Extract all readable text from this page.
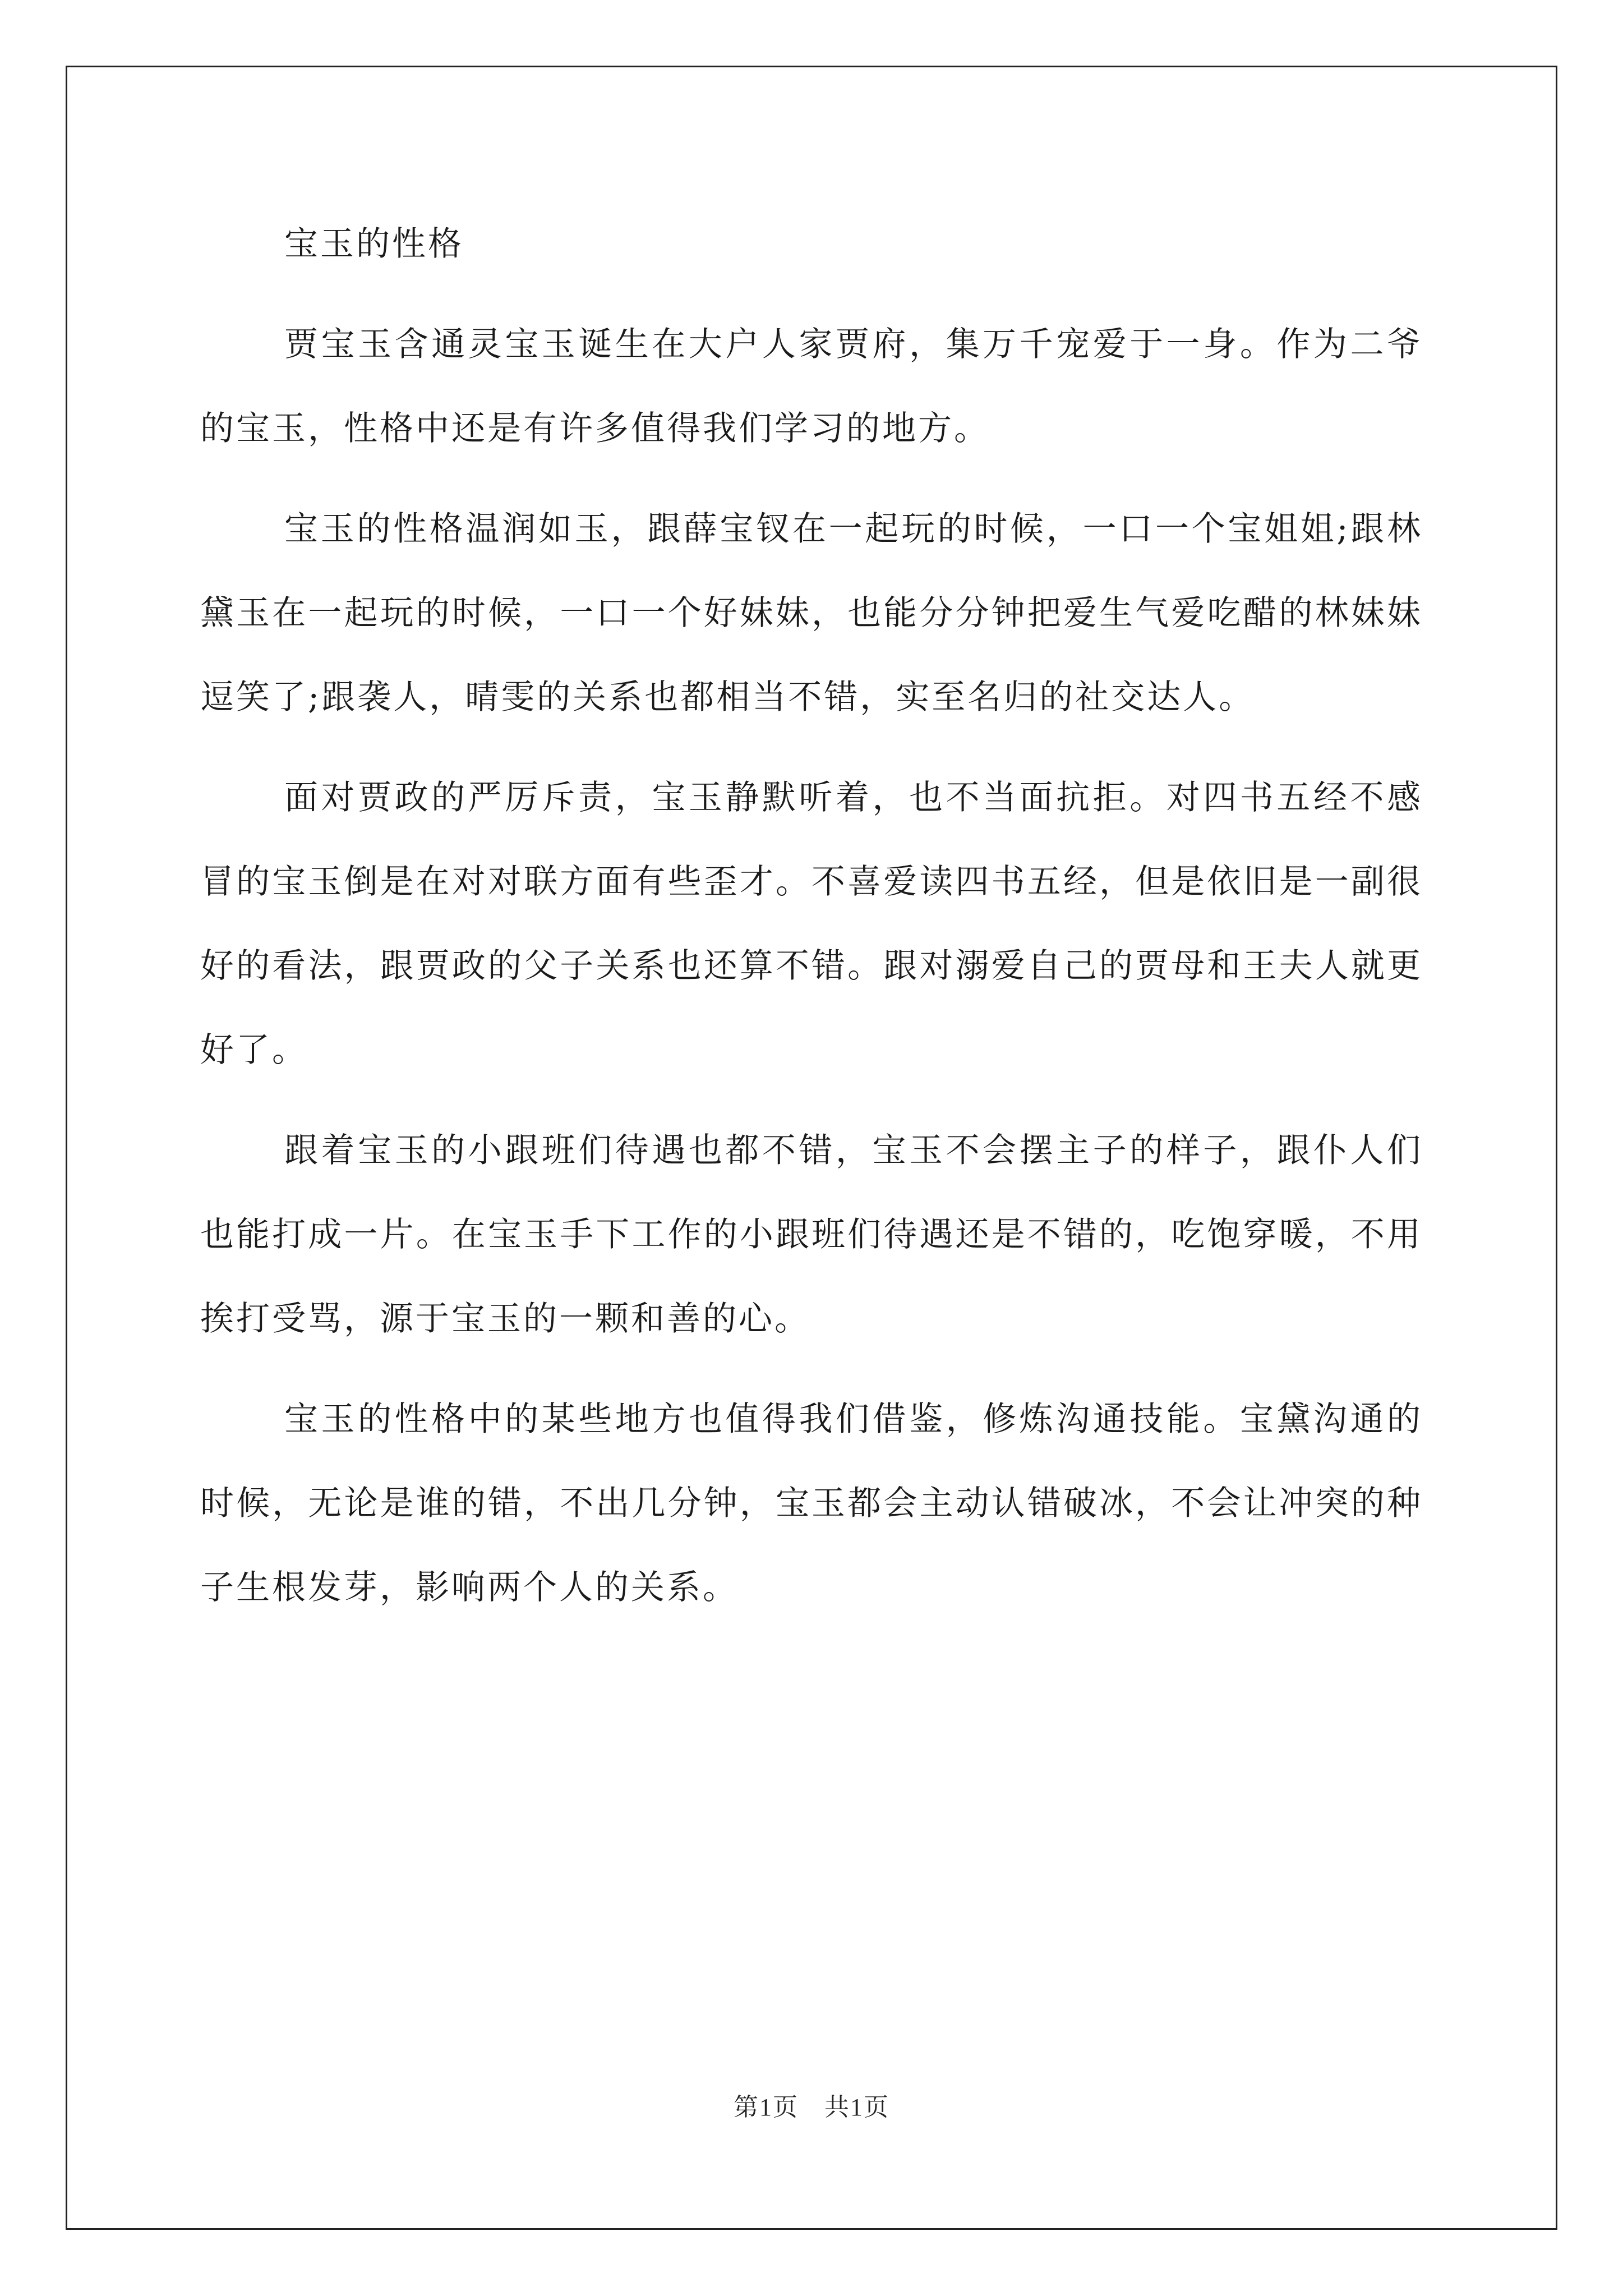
宝玉的性格

贾宝玉含通灵宝玉诞生在大户人家贾府，集万千宠爱于一身。作为二爷的宝玉，性格中还是有许多值得我们学习的地方。

宝玉的性格温润如玉，跟薛宝钗在一起玩的时候，一口一个宝姐姐;跟林黛玉在一起玩的时候，一口一个好妹妹，也能分分钟把爱生气爱吃醋的林妹妹逗笑了;跟袭人，晴雯的关系也都相当不错，实至名归的社交达人。

面对贾政的严厉斥责，宝玉静默听着，也不当面抗拒。对四书五经不感冒的宝玉倒是在对对联方面有些歪才。不喜爱读四书五经，但是依旧是一副很好的看法，跟贾政的父子关系也还算不错。跟对溺爱自己的贾母和王夫人就更好了。

跟着宝玉的小跟班们待遇也都不错，宝玉不会摆主子的样子，跟仆人们也能打成一片。在宝玉手下工作的小跟班们待遇还是不错的，吃饱穿暖，不用挨打受骂，源于宝玉的一颗和善的心。

宝玉的性格中的某些地方也值得我们借鉴，修炼沟通技能。宝黛沟通的时候，无论是谁的错，不出几分钟，宝玉都会主动认错破冰，不会让冲突的种子生根发芽，影响两个人的关系。

第1页　共1页
